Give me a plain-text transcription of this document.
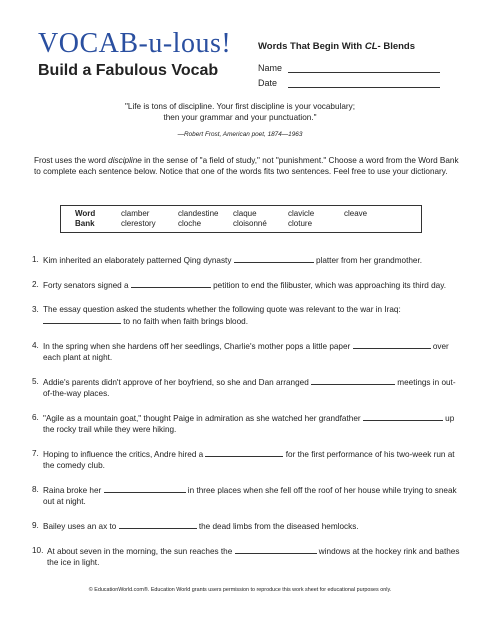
VOCAB-u-lous!
Build a Fabulous Vocab
Words That Begin With CL- Blends
Name
Date
"Life is tons of discipline. Your first discipline is your vocabulary;
then your grammar and your punctuation."
—Robert Frost, American poet, 1874—1963
Frost uses the word discipline in the sense of "a field of study," not "punishment." Choose a word from the Word Bank to complete each sentence below. Notice that one of the words fits two sentences. Feel free to use your dictionary.
Word
Bank
clamber	clandestine	claque	clavicle	cleave
clerestory	cloche	cloisonné	cloture
1. Kim inherited an elaborately patterned Qing dynasty	platter from her grandmother.
2. Forty senators signed a	petition to end the filibuster, which was approaching its third day.
3. The essay question asked the students whether the following quote was relevant to the war in Iraq:  to no faith when faith brings blood.
4. In the spring when she hardens off her seedlings, Charlie's mother pops a little paper	over each plant at night.
5. Addie's parents didn't approve of her boyfriend, so she and Dan arranged	meetings in out-of-the-way places.
6. "Agile as a mountain goat," thought Paige in admiration as she watched her grandfather	up the rocky trail while they were hiking.
7. Hoping to influence the critics, Andre hired a	for the first performance of his two-week run at the comedy club.
8. Raina broke her	in three places when she fell off the roof of her house while trying to sneak out at night.
9. Bailey uses an ax to	the dead limbs from the diseased hemlocks.
10. At about seven in the morning, the sun reaches the	windows at the hockey rink and bathes the ice in light.
© EducationWorld.com®. Education World grants users permission to reproduce this work sheet for educational purposes only.
